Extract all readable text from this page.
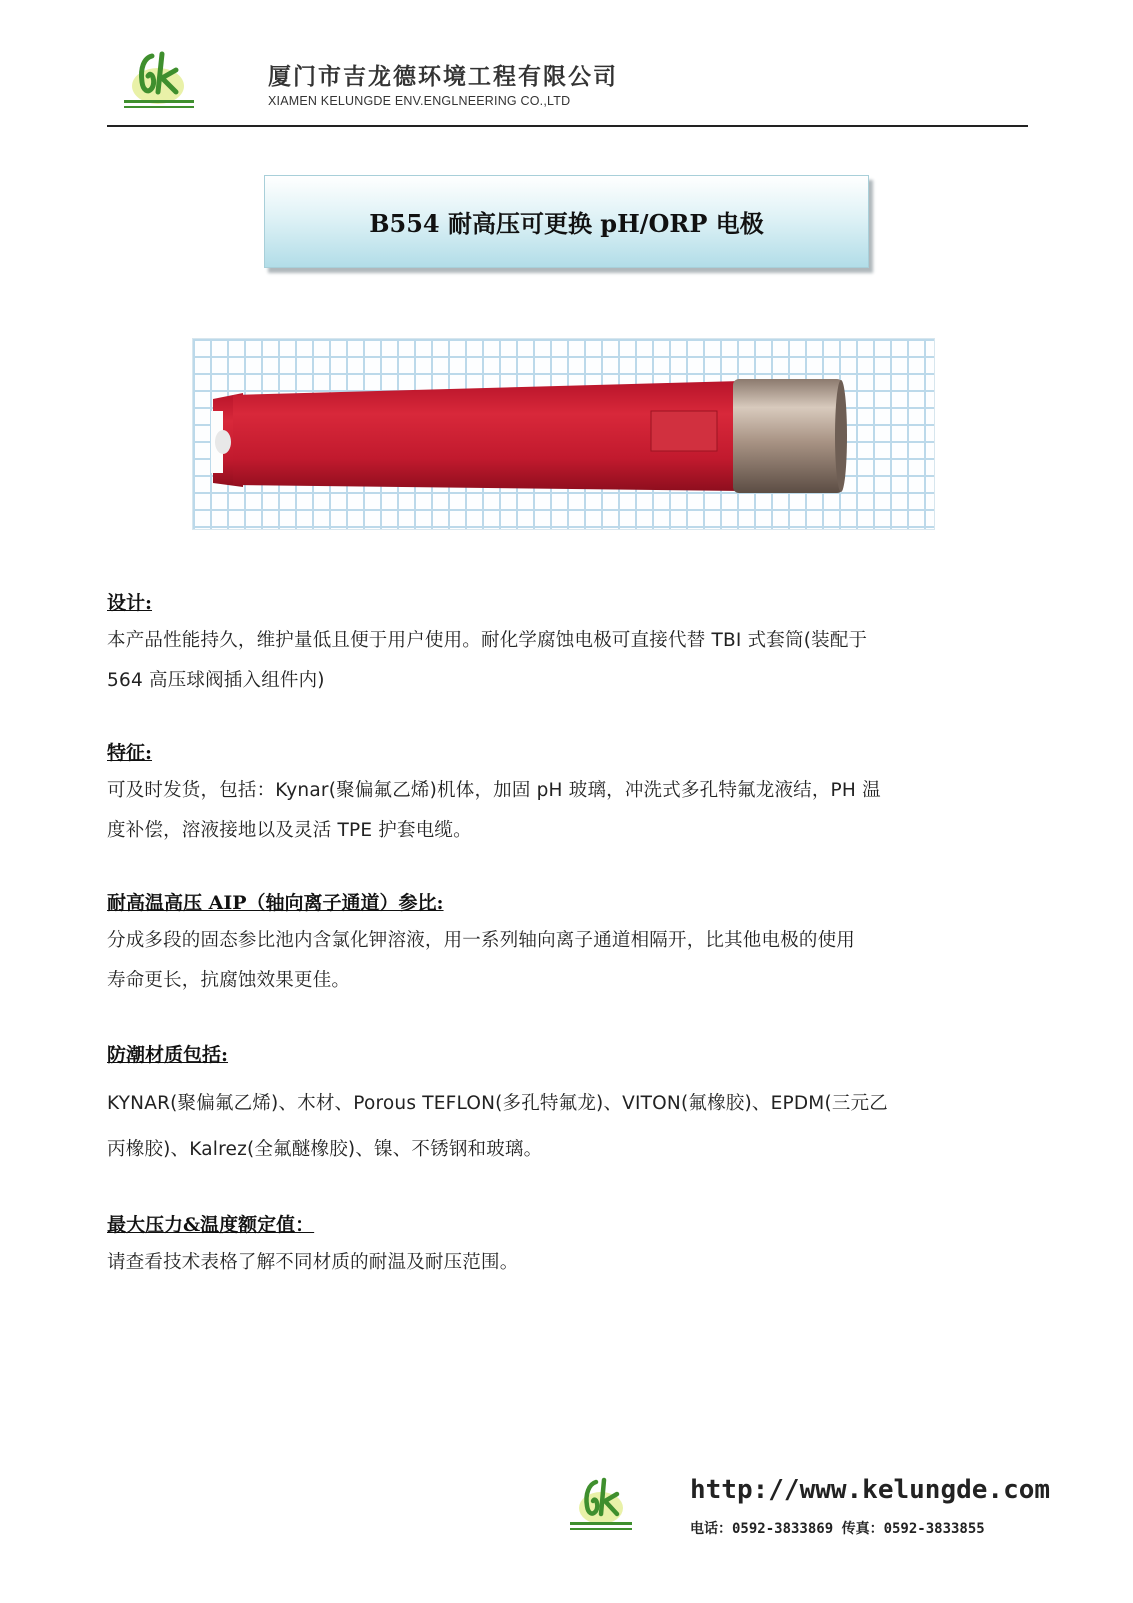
厦门市吉龙德环境工程有限公司
XIAMEN KELUNGDE ENV.ENGLNEERING CO.,LTD
B554 耐高压可更换 pH/ORP 电极
设计:

本产品性能持久，维护量低且便于用户使用。耐化学腐蚀电极可直接代替 TBI 式套筒(装配于

564 高压球阀插入组件内)

特征:

可及时发货，包括：Kynar(聚偏氟乙烯)机体，加固 pH 玻璃，冲洗式多孔特氟龙液结，PH 温

度补偿，溶液接地以及灵活 TPE 护套电缆。

耐高温高压 AIP（轴向离子通道）参比:

分成多段的固态参比池内含氯化钾溶液，用一系列轴向离子通道相隔开，比其他电极的使用

寿命更长，抗腐蚀效果更佳。

防潮材质包括:

KYNAR(聚偏氟乙烯)、木材、Porous TEFLON(多孔特氟龙)、VITON(氟橡胶)、EPDM(三元乙

丙橡胶)、Kalrez(全氟醚橡胶)、镍、不锈钢和玻璃。

最大压力&温度额定值：

请查看技术表格了解不同材质的耐温及耐压范围。

http://www.kelungde.com
电话：0592-3833869 传真：0592-3833855
